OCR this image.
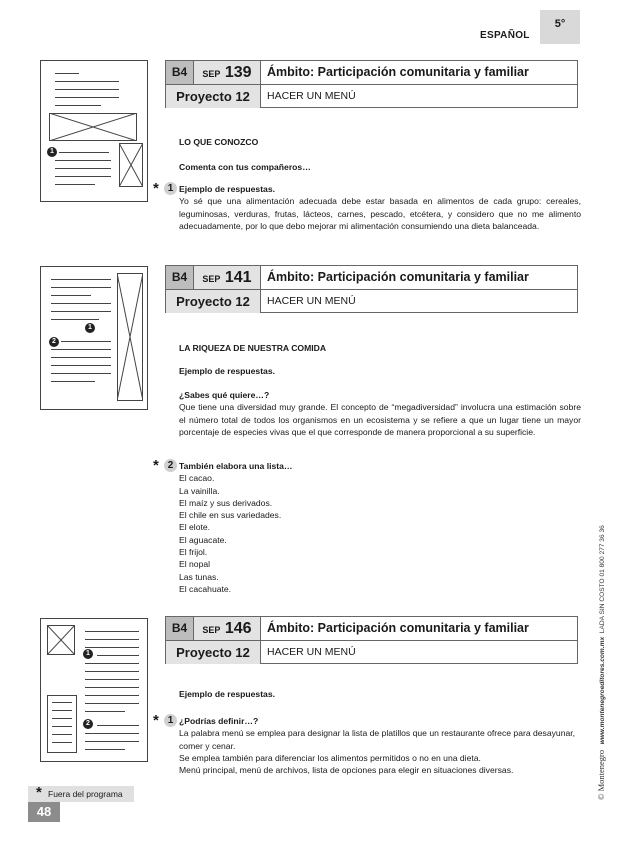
ESPAÑOL
5°
© Montenegro   www.montenegroeditores.com.mx  LADA SIN COSTO 01 800 277 36 36
1
B4	SEP 139	Ámbito: Participación comunitaria y familiar
Proyecto 12	HACER UN MENÚ
LO QUE CONOZCO
Comenta con tus compañeros…
* 1 Ejemplo de respuestas.
Yo sé que una alimentación adecuada debe estar basada en alimentos de cada grupo: cereales, leguminosas, verduras, frutas, lácteos, carnes, pescado, etcétera, y considero que no me alimento adecuadamente, por lo que debo mejorar mi alimentación consumiendo una dieta balanceada.
1
2
B4	SEP 141	Ámbito: Participación comunitaria y familiar
Proyecto 12	HACER UN MENÚ
LA RIQUEZA DE NUESTRA COMIDA
Ejemplo de respuestas.
¿Sabes qué quiere…?
Que tiene una diversidad muy grande. El concepto de “megadiversidad” involucra una estimación sobre el número total de todos los organismos en un ecosistema y se refiere a que un lugar tiene un mayor porcentaje de especies vivas que el que corresponde de manera proporcional a su superficie.
* 2 También elabora una lista…
El cacao.
La vainilla.
El maíz y sus derivados.
El chile en sus variedades.
El elote.
El aguacate.
El frijol.
El nopal
Las tunas.
El cacahuate.
1
2
B4	SEP 146	Ámbito: Participación comunitaria y familiar
Proyecto 12	HACER UN MENÚ
Ejemplo de respuestas.
* 1 ¿Podrías definir…?
La palabra menú se emplea para designar la lista de platillos que un restaurante ofrece para desayunar, comer y cenar.
Se emplea también para diferenciar los alimentos permitidos o no en una dieta.
Menú principal, menú de archivos, lista de opciones para elegir en situaciones diversas.
* Fuera del programa
48
